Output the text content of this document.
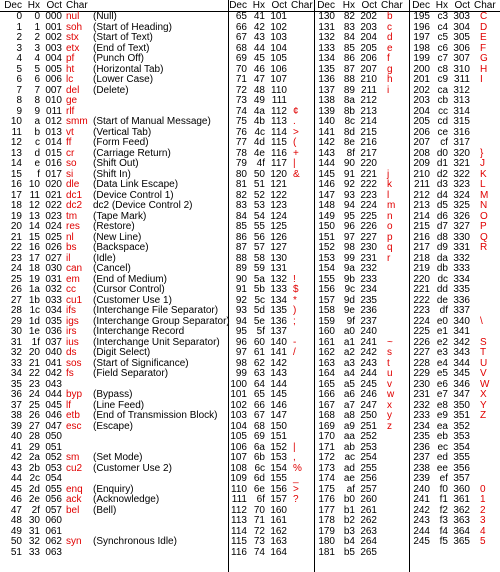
Dec Hx Oct Char
0	0 000 nul (Null)
1	1 001 soh (Start of Heading)
2	2 002 stx (Start of Text)
3	3 003 etx (End of Text)
4	4 004 pf (Punch Off)
5	5 005 ht (Horizontal Tab)
6	6 006 lc (Lower Case)
7	7 007 del (Delete)
8	8 010 ge
9	9 011 rlf
10	a 012 smm (Start of Manual Message)
11	b 013 vt (Vertical Tab)
12	c 014 ff (Form Feed)
13	d 015 cr (Carriage Return)
14	e 016 so (Shift Out)
15	f 017 si (Shift In)
16 10 020 dle (Data Link Escape)
17 11 021 dc1 (Device Control 1)
18 12 022 dc2 dc2 (Device Control 2)
19 13 023 tm (Tape Mark)
20 14 024 res (Restore)
21 15 025 nl (New Line)
22 16 026 bs (Backspace)
23 17 027 il (Idle)
24 18 030 can (Cancel)
25 19 031 em (End of Medium)
26 1a 032 cc (Cursor Control)
27 1b 033 cu1 (Customer Use 1)
28 1c 034 ifs (Interchange File Separator)
29 1d 035 igs (Interchange Group Separator)
30 1e 036 irs (Interchange Record
31 1f 037 ius (Interchange Unit Separator)
32 20 040 ds (Digit Select)
33 21 041 sos (Start of Significance)
34 22 042 fs (Field Separator)
35 23 043
36 24 044 byp (Bypass)
37 25 045 lf (Line Feed)
38 26 046 etb (End of Transmission Block)
39 27 047 esc (Escape)
40 28 050
41 29 051
42 2a 052 sm (Set Mode)
43 2b 053 cu2 (Customer Use 2)
44 2c 054
45 2d 055 enq (Enquiry)
46 2e 056 ack (Acknowledge)
47 2f 057 bel (Bell)
48 30 060
49 31 061
50 32 062 syn (Synchronous Idle)
51 33 063
Dec Hx Oct Char
65 41 101
66 42 102
67 43 103
68 44 104
69 45 105
70 46 106
71 47 107
72 48 110
73 49 111
74 4a 112 ¢
75 4b 113 .
76 4c 114 >
77 4d 115 (
78 4e 116 +
79 4f 117 |
80 50 120 &
81 51 121
82 52 122
83 53 123
84 54 124
85 55 125
86 56 126
87 57 127
88 58 130
89 59 131
90 5a 132 !
91 5b 133 $
92 5c 134 *
93 5d 135 )
94 5e 136 ;
95 5f 137
96 60 140 -
97 61 141 /
98 62 142
99 63 143
100 64 144
101 65 145
102 66 146
103 67 147
104 68 150
105 69 151
106 6a 152 |
107 6b 153 ,
108 6c 154 %
109 6d 155 _
110 6e 156 >
111 6f 157 ?
112 70 160
113 71 161
114 72 162
115 73 163
116 74 164
Dec Hx Oct Char
130 82 202 b
131 83 203 c
132 84 204 d
133 85 205 e
134 86 206 f
135 87 207 g
136 88 210 h
137 89 211 i
138 8a 212
139 8b 213
140 8c 214
141 8d 215
142 8e 216
143	8f 217
144 90 220
145 91 221 j
146 92 222 k
147 93 223 l
148 94 224 m
149 95 225 n
150 96 226 o
151 97 227 p
152 98 230 q
153 99 231 r
154 9a 232
155 9b 233
156 9c 234
157 9d 235
158 9e 236
159	9f 237
160 a0 240
161 a1 241 ~
162 a2 242 s
163 a3 243 t
164 a4 244 u
165 a5 245 v
166 a6 246 w
167 a7 247 x
168 a8 250 y
169 a9 251 z
170 aa 252
171 ab 253
172 ac 254
173 ad 255
174 ae 256
175	af 257
176 b0 260
177 b1 261
178 b2 262
179 b3 263
180 b4 264
181 b5 265
Dec Hx Oct Char
195 c3 303 C
196 c4 304 D
197 c5 305 E
198 c6 306 F
199 c7 307 G
200 c8 310 H
201 c9 311 I
202 ca 312
203 cb 313
204 cc 314
205 cd 315
206 ce 316
207	cf 317
208 d0 320 }
209 d1 321 J
210 d2 322 K
211 d3 323 L
212 d4 324 M
213 d5 325 N
214 d6 326 O
215 d7 327 P
216 d8 330 Q
217 d9 331 R
218 da 332
219 db 333
220 dc 334
221 dd 335
222 de 336
223 df 337
224 e0 340 \
225 e1 341
226 e2 342 S
227 e3 343 T
228 e4 344 U
229 e5 345 V
230 e6 346 W
231 e7 347 X
232 e8 350 Y
233 e9 351 Z
234 ea 352
235 eb 353
236 ec 354
237 ed 355
238 ee 356
239 ef 357
240 f0 360 0
241 f1 361 1
242 f2 362 2
243 f3 363 3
244 f4 364 4
245 f5 365 5
